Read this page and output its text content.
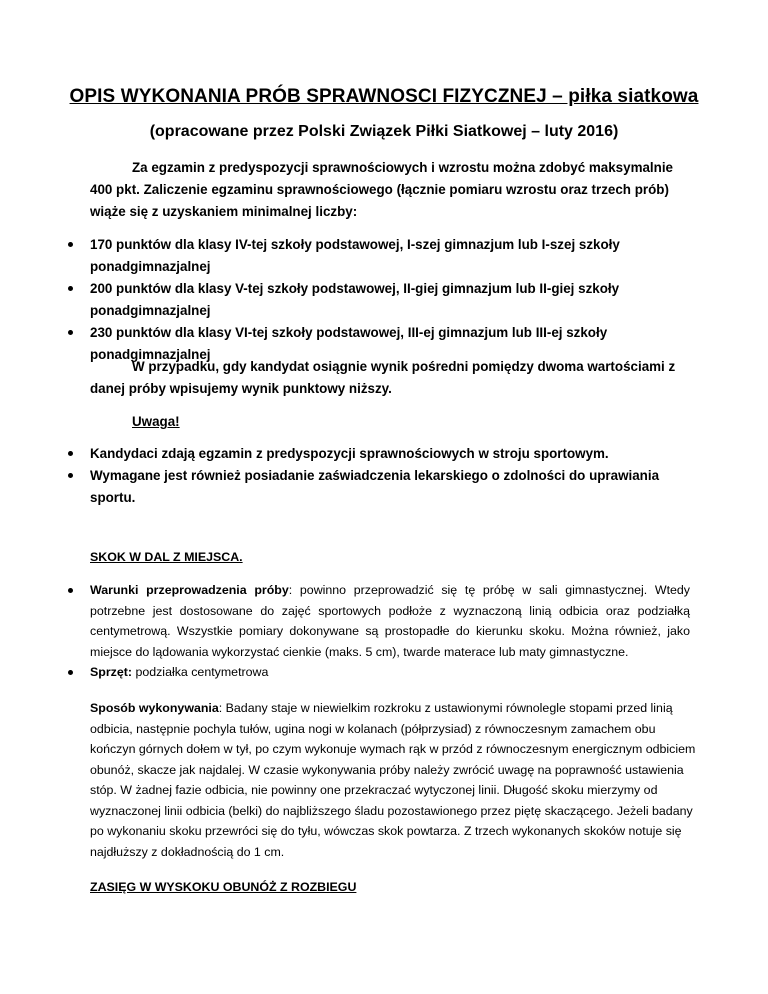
OPIS WYKONANIA PRÓB SPRAWNOSCI FIZYCZNEJ – piłka siatkowa
(opracowane przez Polski Związek Piłki Siatkowej – luty 2016)
Za egzamin z predyspozycji sprawnościowych i wzrostu można zdobyć maksymalnie 400 pkt. Zaliczenie egzaminu sprawnościowego (łącznie pomiaru wzrostu oraz trzech prób) wiąże się z uzyskaniem minimalnej liczby:
170 punktów dla klasy IV-tej szkoły podstawowej, I-szej gimnazjum lub I-szej szkoły ponadgimnazjalnej
200 punktów dla klasy V-tej szkoły podstawowej, II-giej gimnazjum lub II-giej szkoły ponadgimnazjalnej
230 punktów dla klasy VI-tej szkoły podstawowej, III-ej gimnazjum lub III-ej szkoły ponadgimnazjalnej
W przypadku, gdy kandydat osiągnie wynik pośredni pomiędzy dwoma wartościami z danej próby wpisujemy wynik punktowy niższy.
Uwaga!
Kandydaci zdają egzamin z predyspozycji sprawnościowych w stroju sportowym.
Wymagane jest również posiadanie zaświadczenia lekarskiego o zdolności do uprawiania sportu.
SKOK W DAL Z MIEJSCA.
Warunki przeprowadzenia próby: powinno przeprowadzić się tę próbę w sali gimnastycznej. Wtedy potrzebne jest dostosowane do zajęć sportowych podłoże z wyznaczoną linią odbicia oraz podziałką centymetrową. Wszystkie pomiary dokonywane są prostopadłe do kierunku skoku. Można również, jako miejsce do lądowania wykorzystać cienkie (maks. 5 cm), twarde materace lub maty gimnastyczne.
Sprzęt: podziałka centymetrowa
Sposób wykonywania: Badany staje w niewielkim rozkroku z ustawionymi równolegle stopami przed linią odbicia, następnie pochyla tułów, ugina nogi w kolanach (półprzysiad) z równoczesnym zamachem obu kończyn górnych dołem w tył, po czym wykonuje wymach rąk w przód z równoczesnym energicznym odbiciem obunóż, skacze jak najdalej. W czasie wykonywania próby należy zwrócić uwagę na poprawność ustawienia stóp. W żadnej fazie odbicia, nie powinny one przekraczać wytyczonej linii. Długość skoku mierzymy od wyznaczonej linii odbicia (belki) do najbliższego śladu pozostawionego przez piętę skaczącego. Jeżeli badany po wykonaniu skoku przewróci się do tyłu, wówczas skok powtarza. Z trzech wykonanych skoków notuje się najdłuższy z dokładnością do 1 cm.
ZASIĘG W WYSKOKU OBUNÓŻ Z ROZBIEGU
